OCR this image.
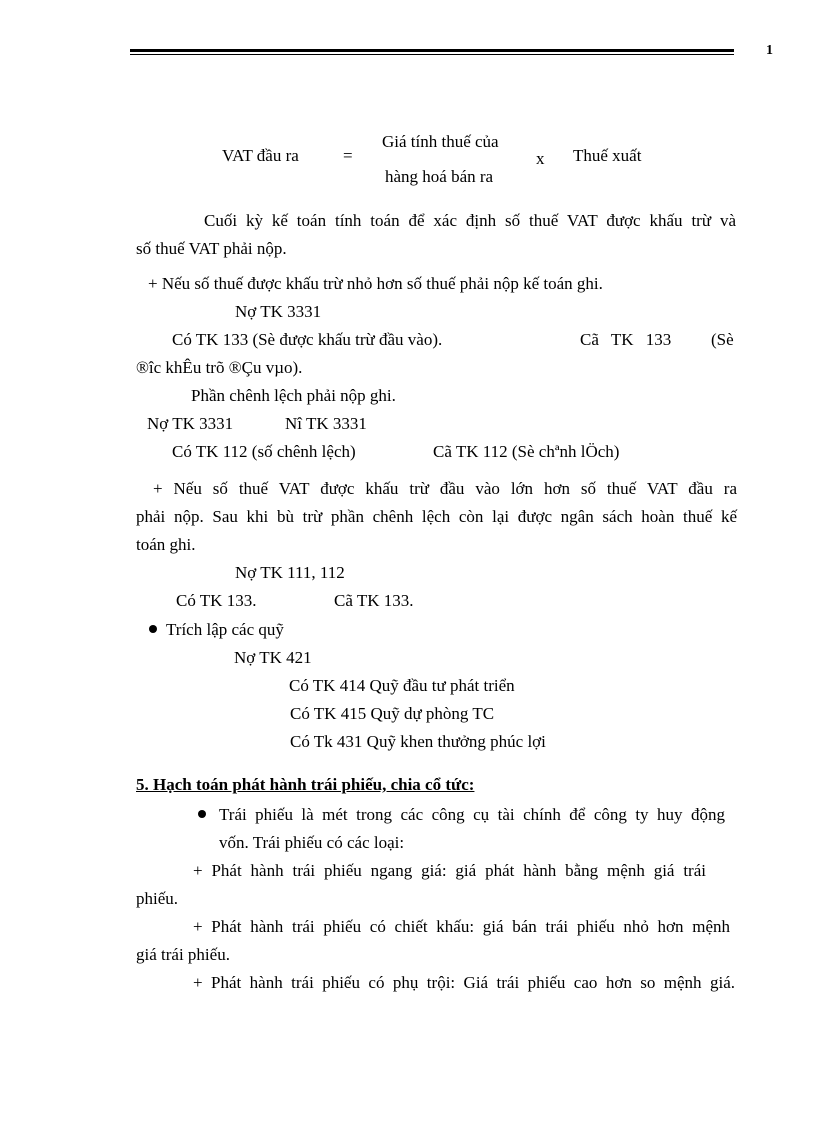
1
VAT đầu ra	=
Giá tính thuế của
hàng hoá bán ra
x Thuế xuất
Cuối kỳ kế toán tính toán để xác định số thuế VAT được khấu trừ và
số thuế VAT phải nộp.
+ Nếu số thuế được khấu trừ nhỏ hơn số thuế phải nộp kế toán ghi.
Nợ TK 3331
Có TK 133 (Sè được khấu trừ đầu vào).	Cã TK 133 (Sè
®îc khÊu trõ ®Çu vµo).
Phần chênh lệch phải nộp ghi.
Nợ TK 3331	Nî TK 3331
Có TK 112 (số chênh lệch)	Cã TK 112 (Sè chªnh lÖch)
+ Nếu số thuế VAT được khấu trừ đầu vào lớn hơn số thuế VAT đầu ra
phải nộp. Sau khi bù trừ phần chênh lệch còn lại được ngân sách hoàn thuế kế
toán ghi.
Nợ TK 111, 112
Có TK 133.	Cã TK 133.
Trích lập các quỹ
Nợ TK 421
Có TK 414 Quỹ đầu tư phát triển
Có TK 415 Quỹ dự phòng TC
Có Tk 431 Quỹ khen thưởng phúc lợi
5. Hạch toán phát hành trái phiếu, chia cổ tức:
Trái phiếu là mét trong các công cụ tài chính để công ty huy động
vốn. Trái phiếu có các loại:
+ Phát hành trái phiếu ngang giá: giá phát hành bằng mệnh giá trái
phiếu.
+ Phát hành trái phiếu có chiết khấu: giá bán trái phiếu nhỏ hơn mệnh
giá trái phiếu.
+ Phát hành trái phiếu có phụ trội: Giá trái phiếu cao hơn so mệnh giá.
